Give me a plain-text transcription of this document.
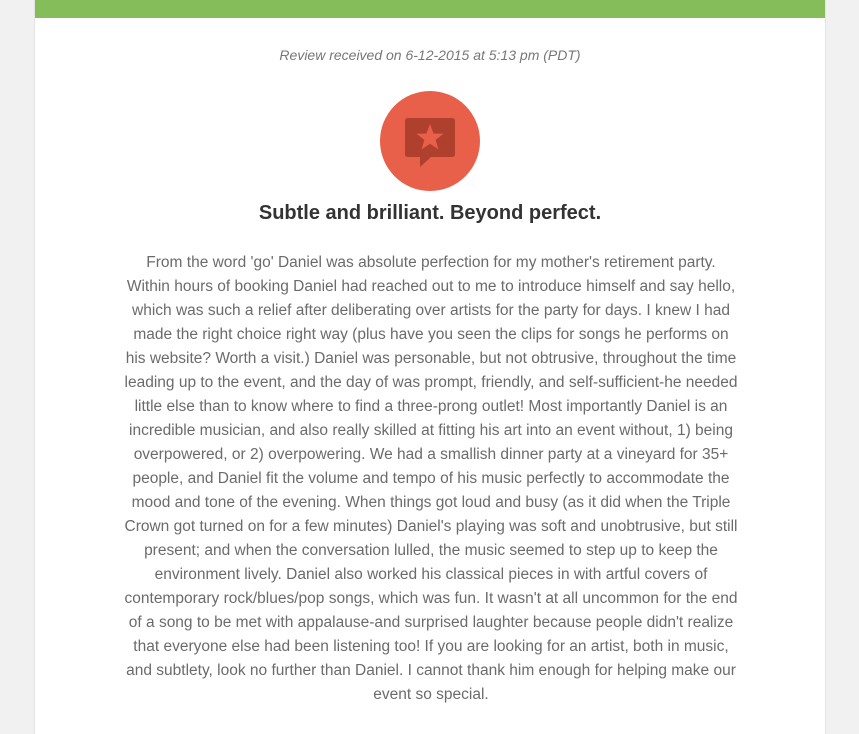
Review received on 6-12-2015 at 5:13 pm (PDT)
Subtle and brilliant. Beyond perfect.
From the word 'go' Daniel was absolute perfection for my mother's retirement party. Within hours of booking Daniel had reached out to me to introduce himself and say hello, which was such a relief after deliberating over artists for the party for days. I knew I had made the right choice right way (plus have you seen the clips for songs he performs on his website? Worth a visit.) Daniel was personable, but not obtrusive, throughout the time leading up to the event, and the day of was prompt, friendly, and self-sufficient-he needed little else than to know where to find a three-prong outlet! Most importantly Daniel is an incredible musician, and also really skilled at fitting his art into an event without, 1) being overpowered, or 2) overpowering. We had a smallish dinner party at a vineyard for 35+ people, and Daniel fit the volume and tempo of his music perfectly to accommodate the mood and tone of the evening. When things got loud and busy (as it did when the Triple Crown got turned on for a few minutes) Daniel's playing was soft and unobtrusive, but still present; and when the conversation lulled, the music seemed to step up to keep the environment lively. Daniel also worked his classical pieces in with artful covers of contemporary rock/blues/pop songs, which was fun. It wasn't at all uncommon for the end of a song to be met with appalause-and surprised laughter because people didn't realize that everyone else had been listening too! If you are looking for an artist, both in music, and subtlety, look no further than Daniel. I cannot thank him enough for helping make our event so special.
